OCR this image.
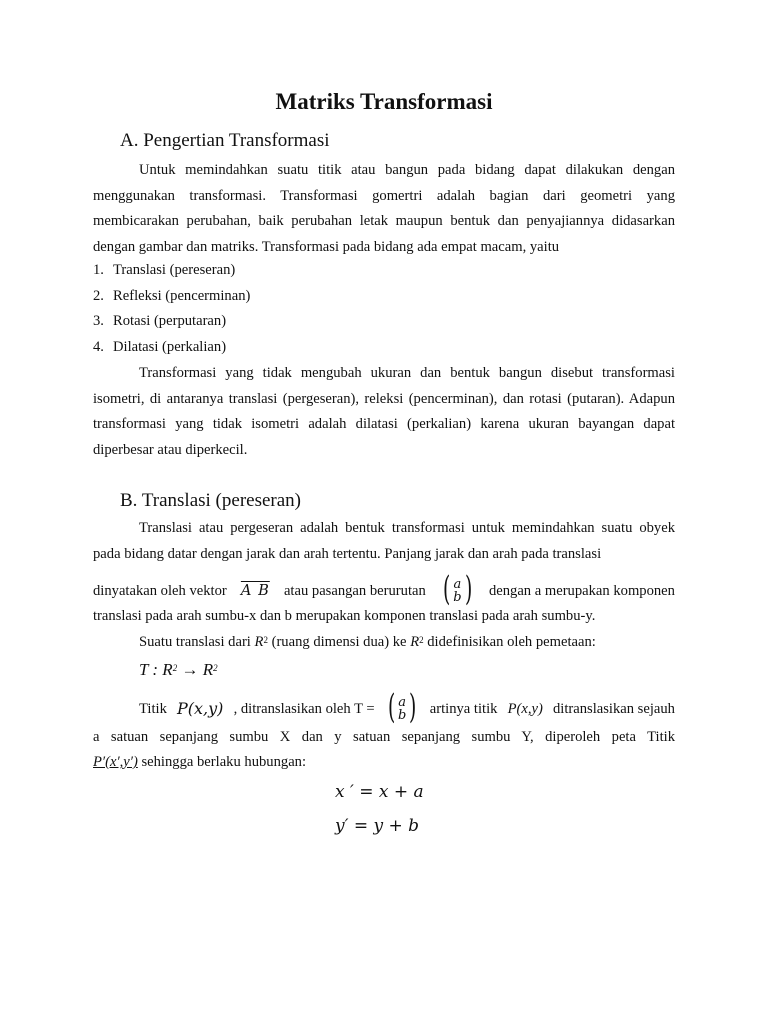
Matriks Transformasi
A. Pengertian Transformasi

Untuk memindahkan suatu titik atau bangun pada bidang dapat dilakukan dengan menggunakan transformasi. Transformasi gomertri adalah bagian dari geometri yang membicarakan perubahan, baik perubahan letak maupun bentuk dan penyajiannya didasarkan dengan gambar dan matriks. Transformasi pada bidang ada empat macam, yaitu

1. Translasi (pereseran)
2. Refleksi (pencerminan)
3. Rotasi (perputaran)
4. Dilatasi (perkalian)

Transformasi yang tidak mengubah ukuran dan bentuk bangun disebut transformasi isometri, di antaranya translasi (pergeseran), releksi (pencerminan), dan rotasi (putaran). Adapun transformasi yang tidak isometri adalah dilatasi (perkalian) karena ukuran bayangan dapat diperbesar atau diperkecil.

B. Translasi (pereseran)

Translasi atau pergeseran adalah bentuk transformasi untuk memindahkan suatu obyek pada bidang datar dengan jarak dan arah tertentu. Panjang jarak dan arah pada translasi

dinyatakan oleh vektor A B atau pasangan berurutan ( a
b ) dengan a merupakan komponen
translasi pada arah sumbu-x dan b merupakan komponen translasi pada arah sumbu-y.
Suatu translasi dari $R^2$ (ruang dimensi dua) ke $R^2$ didefinisikan oleh pemetaan:
T : $R^2 \to R^2$
Titik P(x,y) , ditranslasikan oleh T = ( a
b ) artinya titik P(x,y) ditranslasikan sejauh
a satuan sepanjang sumbu X dan y satuan sepanjang sumbu Y, diperoleh peta Titik
P′(x′,y′) sehingga berlaku hubungan:
x ′ = x + a
y′ = y + b
